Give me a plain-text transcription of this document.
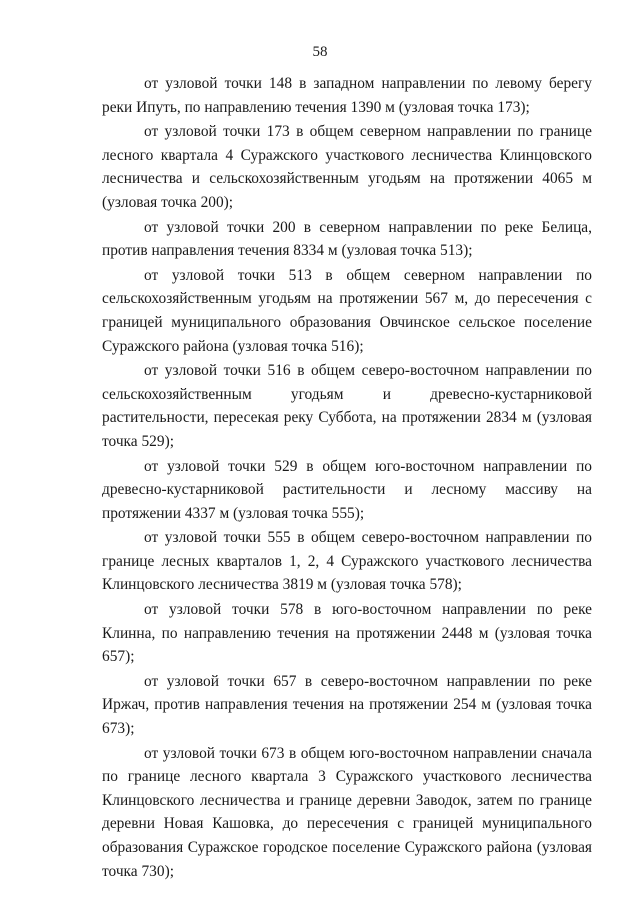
58

от узловой точки 148 в западном направлении по левому берегу реки Ипуть, по направлению течения 1390 м (узловая точка 173);

от узловой точки 173 в общем северном направлении по границе лесного квартала 4 Суражского участкового лесничества Клинцовского лесничества и сельскохозяйственным угодьям на протяжении 4065 м (узловая точка 200);

от узловой точки 200 в северном направлении по реке Белица, против направления течения 8334 м (узловая точка 513);

от узловой точки 513 в общем северном направлении по сельскохозяйственным угодьям на протяжении 567 м, до пересечения с границей муниципального образования Овчинское сельское поселение Суражского района (узловая точка 516);

от узловой точки 516 в общем северо-восточном направлении по сельскохозяйственным угодьям и древесно-кустарниковой растительности, пересекая реку Суббота, на протяжении 2834 м (узловая точка 529);

от узловой точки 529 в общем юго-восточном направлении по древесно-кустарниковой растительности и лесному массиву на протяжении 4337 м (узловая точка 555);

от узловой точки 555 в общем северо-восточном направлении по границе лесных кварталов 1, 2, 4 Суражского участкового лесничества Клинцовского лесничества 3819 м (узловая точка 578);

от узловой точки 578 в юго-восточном направлении по реке Клинна, по направлению течения на протяжении 2448 м (узловая точка 657);

от узловой точки 657 в северо-восточном направлении по реке Иржач, против направления течения на протяжении 254 м (узловая точка 673);

от узловой точки 673 в общем юго-восточном направлении сначала по границе лесного квартала 3 Суражского участкового лесничества Клинцовского лесничества и границе деревни Заводок, затем по границе деревни Новая Кашовка, до пересечения с границей муниципального образования Суражское городское поселение Суражского района (узловая точка 730);
